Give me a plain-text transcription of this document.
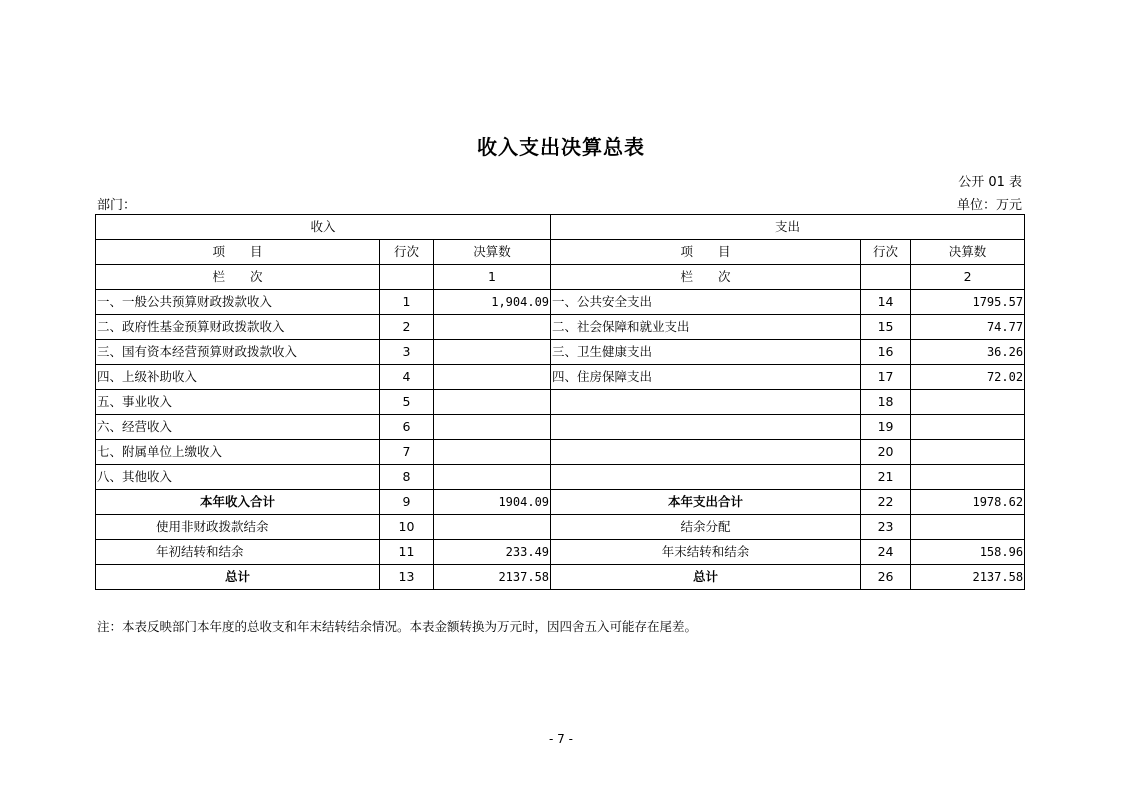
收入支出决算总表
公开 01 表
部门：	单位：万元
收入			支出		
项　　目	行次	决算数	项　　目	行次	决算数
栏　　次		1	栏　　次		2
一、一般公共预算财政拨款收入	1	1,904.09	一、公共安全支出	14	1795.57
二、政府性基金预算财政拨款收入	2		二、社会保障和就业支出	15	74.77
三、国有资本经营预算财政拨款收入	3		三、卫生健康支出	16	36.26
四、上级补助收入	4		四、住房保障支出	17	72.02
五、事业收入	5			18	
六、经营收入	6			19	
七、附属单位上缴收入	7			20	
八、其他收入	8			21	
本年收入合计	9	1904.09	本年支出合计	22	1978.62
使用非财政拨款结余	10		结余分配	23	
年初结转和结余	11	233.49	年末结转和结余	24	158.96
总计	13	2137.58	总计	26	2137.58
注：本表反映部门本年度的总收支和年末结转结余情况。本表金额转换为万元时，因四舍五入可能存在尾差。
- 7 -
